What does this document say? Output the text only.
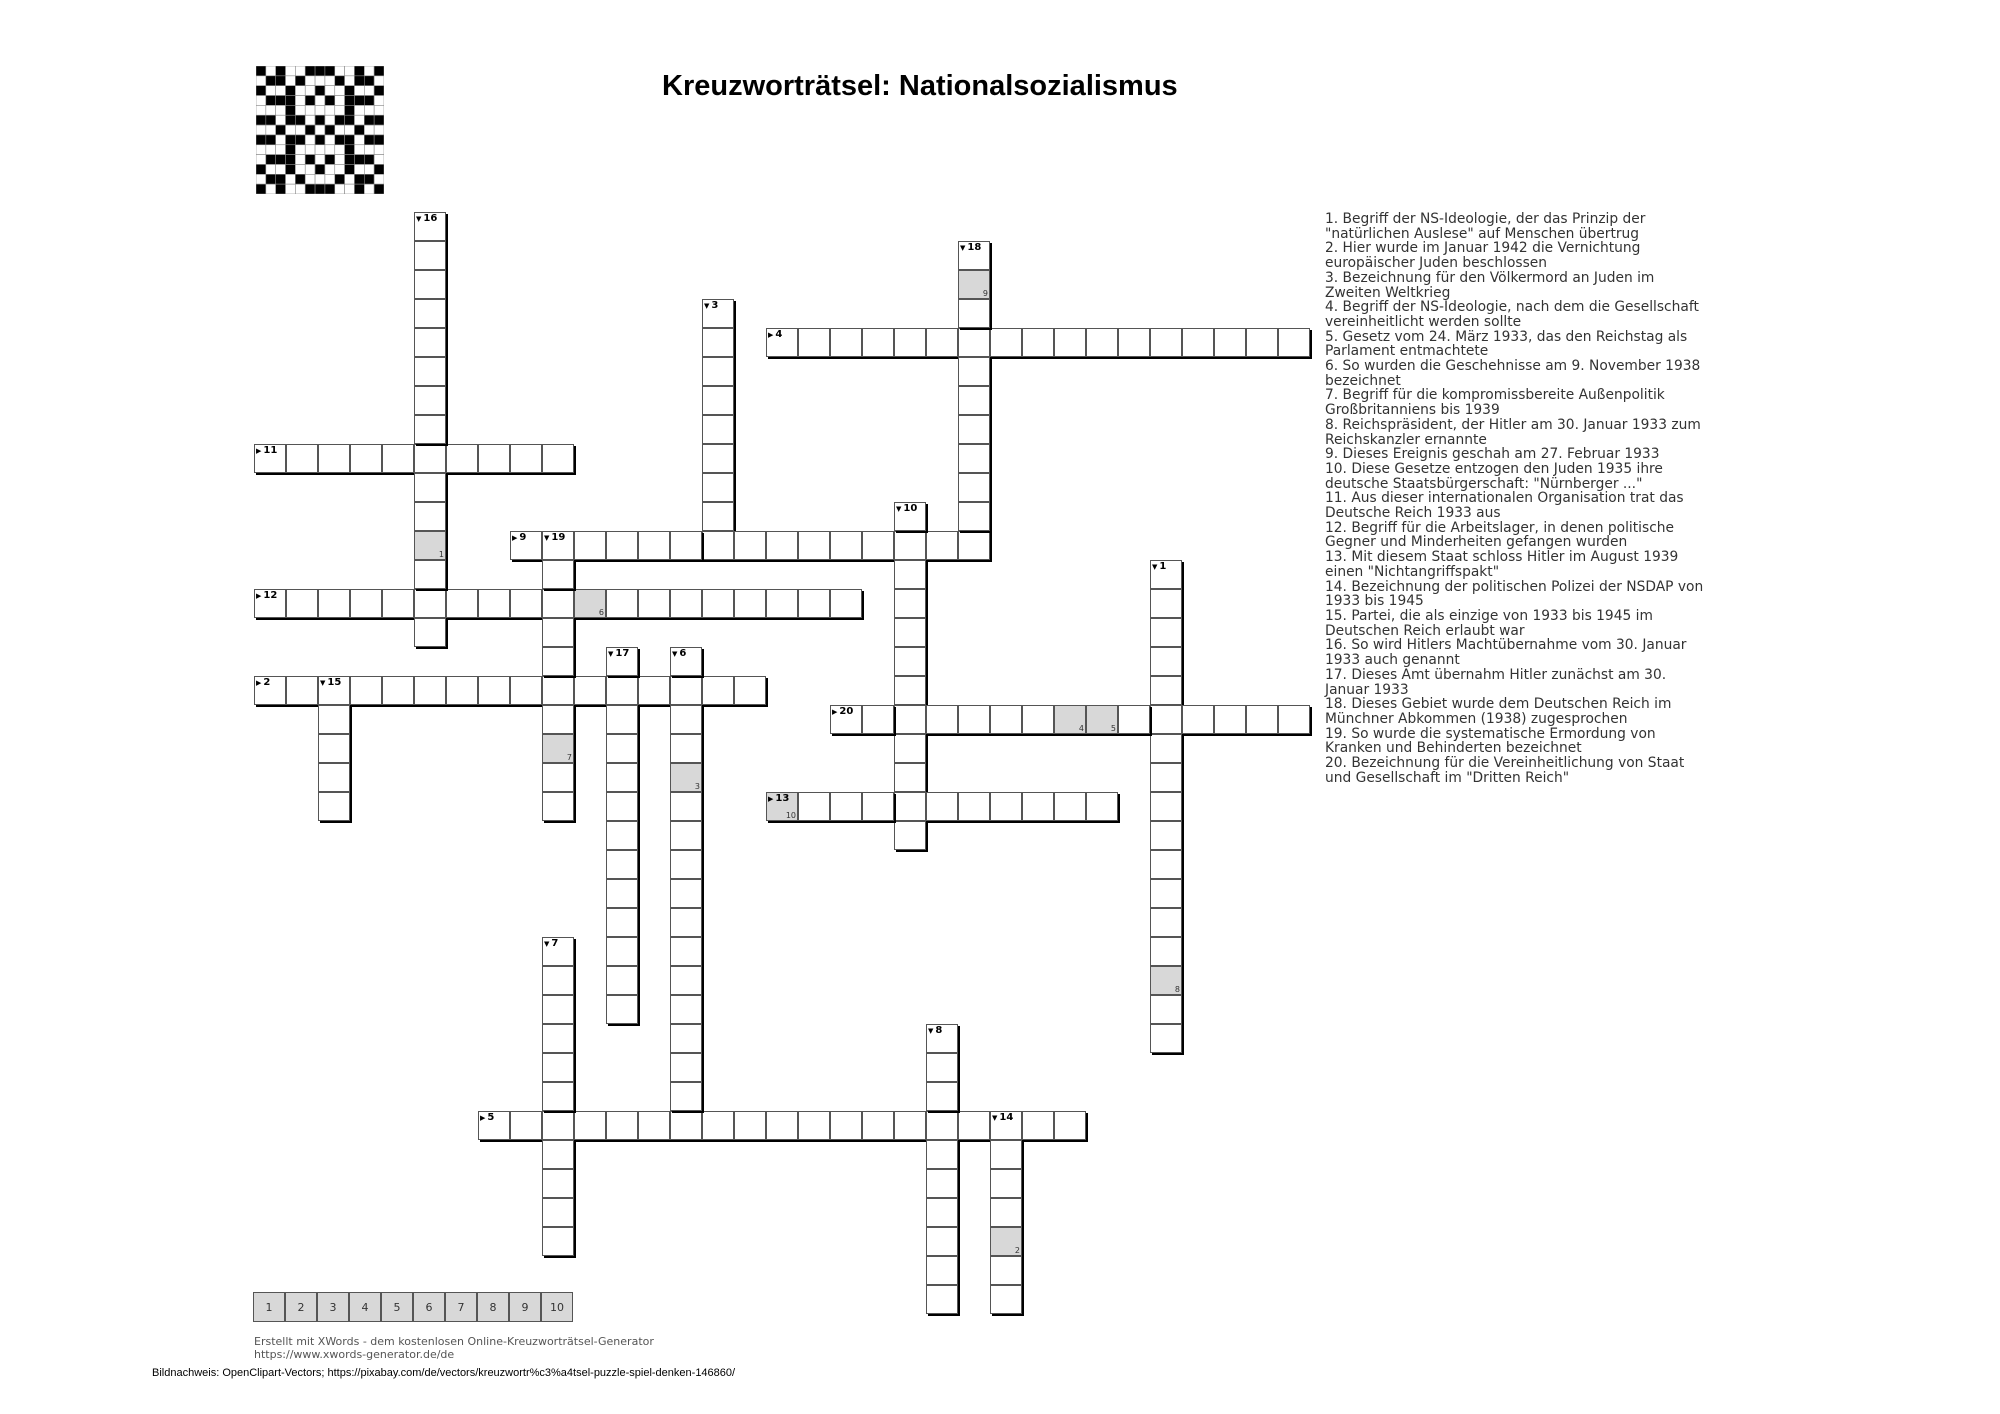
Kreuzworträtsel: Nationalsozialismus
▼ 1
8
▶ 2	▼ 15
▼ 3
▶ 4
▶ 5	▼ 14
▼ 6
3
▼ 7
▼ 8
▶ 9	▼ 19
▼ 10
▶ 11
▶ 12
6
10
▶ 13
2
▼ 16
1
▼ 17
▼ 18
9
7
▶ 20
4	5
1. Begriff der NS-Ideologie, der das Prinzip der "natürlichen Auslese" auf Menschen übertrug
2. Hier wurde im Januar 1942 die Vernichtung europäischer Juden beschlossen
3. Bezeichnung für den Völkermord an Juden im Zweiten Weltkrieg
4. Begriff der NS-Ideologie, nach dem die Gesellschaft vereinheitlicht werden sollte
5. Gesetz vom 24. März 1933, das den Reichstag als Parlament entmachtete
6. So wurden die Geschehnisse am 9. November 1938 bezeichnet
7. Begriff für die kompromissbereite Außenpolitik Großbritanniens bis 1939
8. Reichspräsident, der Hitler am 30. Januar 1933 zum Reichskanzler ernannte
9. Dieses Ereignis geschah am 27. Februar 1933
10. Diese Gesetze entzogen den Juden 1935 ihre deutsche Staatsbürgerschaft: "Nürnberger ..."
11. Aus dieser internationalen Organisation trat das Deutsche Reich 1933 aus
12. Begriff für die Arbeitslager, in denen politische Gegner und Minderheiten gefangen wurden
13. Mit diesem Staat schloss Hitler im August 1939 einen "Nichtangriffspakt"
14. Bezeichnung der politischen Polizei der NSDAP von 1933 bis 1945
15. Partei, die als einzige von 1933 bis 1945 im Deutschen Reich erlaubt war
16. So wird Hitlers Machtübernahme vom 30. Januar 1933 auch genannt
17. Dieses Amt übernahm Hitler zunächst am 30. Januar 1933
18. Dieses Gebiet wurde dem Deutschen Reich im Münchner Abkommen (1938) zugesprochen
19. So wurde die systematische Ermordung von Kranken und Behinderten bezeichnet
20. Bezeichnung für die Vereinheitlichung von Staat und Gesellschaft im "Dritten Reich"
1	2	3	4	5	6	7	8	9	10
Erstellt mit XWords - dem kostenlosen Online-Kreuzworträtsel-Generator
https://www.xwords-generator.de/de
Bildnachweis: OpenClipart-Vectors; https://pixabay.com/de/vectors/kreuzwortr%c3%a4tsel-puzzle-spiel-denken-146860/
